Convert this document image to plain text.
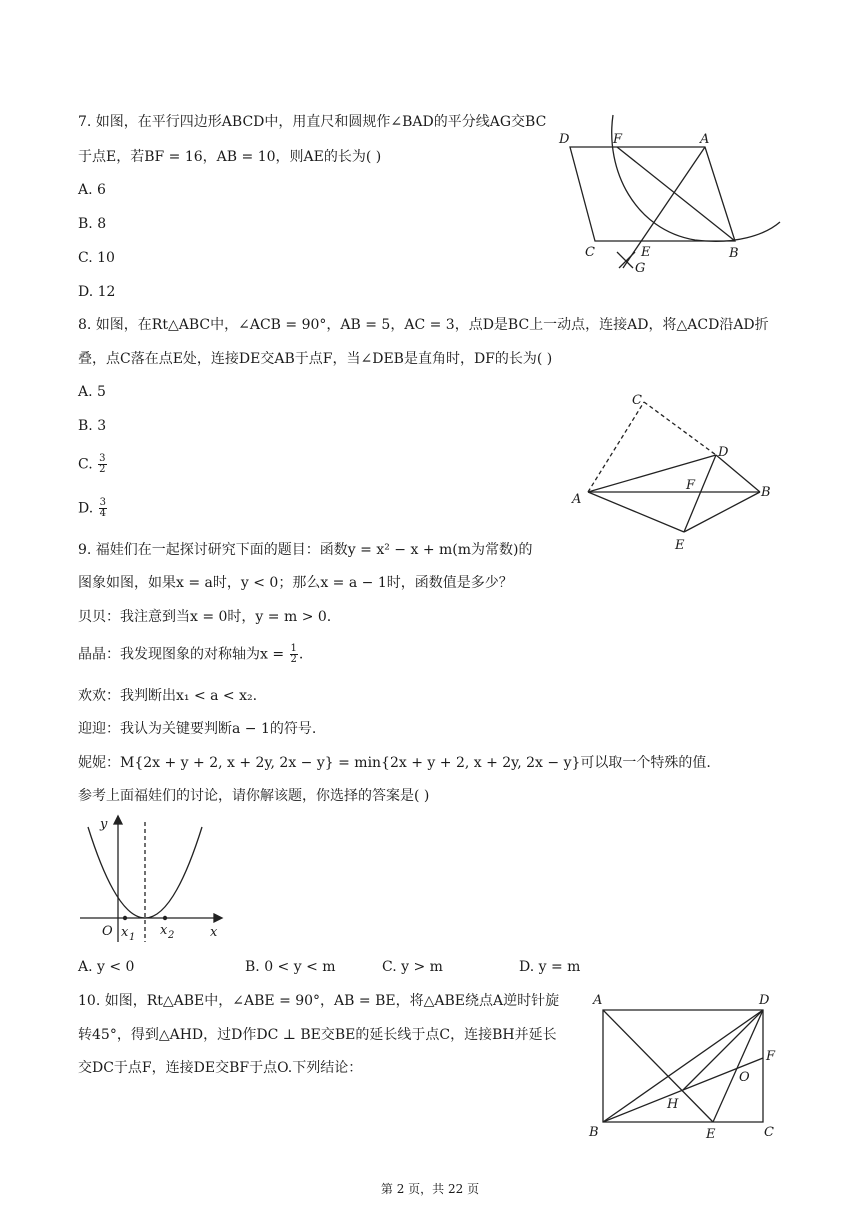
7. 如图，在平行四边形ABCD中，用直尺和圆规作∠BAD的平分线AG交BC
于点E，若BF = 16，AB = 10，则AE的长为( )
A. 6
B. 8
C. 10
D. 12
D	F	A
C	E	B
G
8. 如图，在Rt△ABC中，∠ACB = 90°，AB = 5，AC = 3，点D是BC上一动点，连接AD，将△ACD沿AD折
叠，点C落在点E处，连接DE交AB于点F，当∠DEB是直角时，DF的长为( )
A. 5
B. 3
C. $\frac{3}{2}$
D. $\frac{3}{4}$
C
D
A
F	B
E
9. 福娃们在一起探讨研究下面的题目：函数y = x² − x + m(m为常数)的
图象如图，如果x = a时，y < 0；那么x = a − 1时，函数值是多少？
贝贝：我注意到当x = 0时，y = m > 0.
晶晶：我发现图象的对称轴为$x = \frac{1}{2}$ .
欢欢：我判断出x₁ < a < x₂.
迎迎：我认为关键要判断a − 1的符号.
妮妮：M{2x + y + 2, x + 2y, 2x − y} = min{2x + y + 2, x + 2y, 2x − y}可以取一个特殊的值.
参考上面福娃们的讨论，请你解该题，你选择的答案是( )
y
O x 1 x 2	x
A. y < 0	B. 0 < y < m	C. y > m	D. y = m
10. 如图，Rt△ABE中，∠ABE = 90°，AB = BE，将△ABE绕点A逆时针旋
转45°，得到△AHD，过D作DC ⊥ BE交BE的延长线于点C，连接BH并延长
交DC于点F，连接DE交BF于点O.下列结论：
A	D
F
O
H
B	E	C
第 2 页，共 22 页
